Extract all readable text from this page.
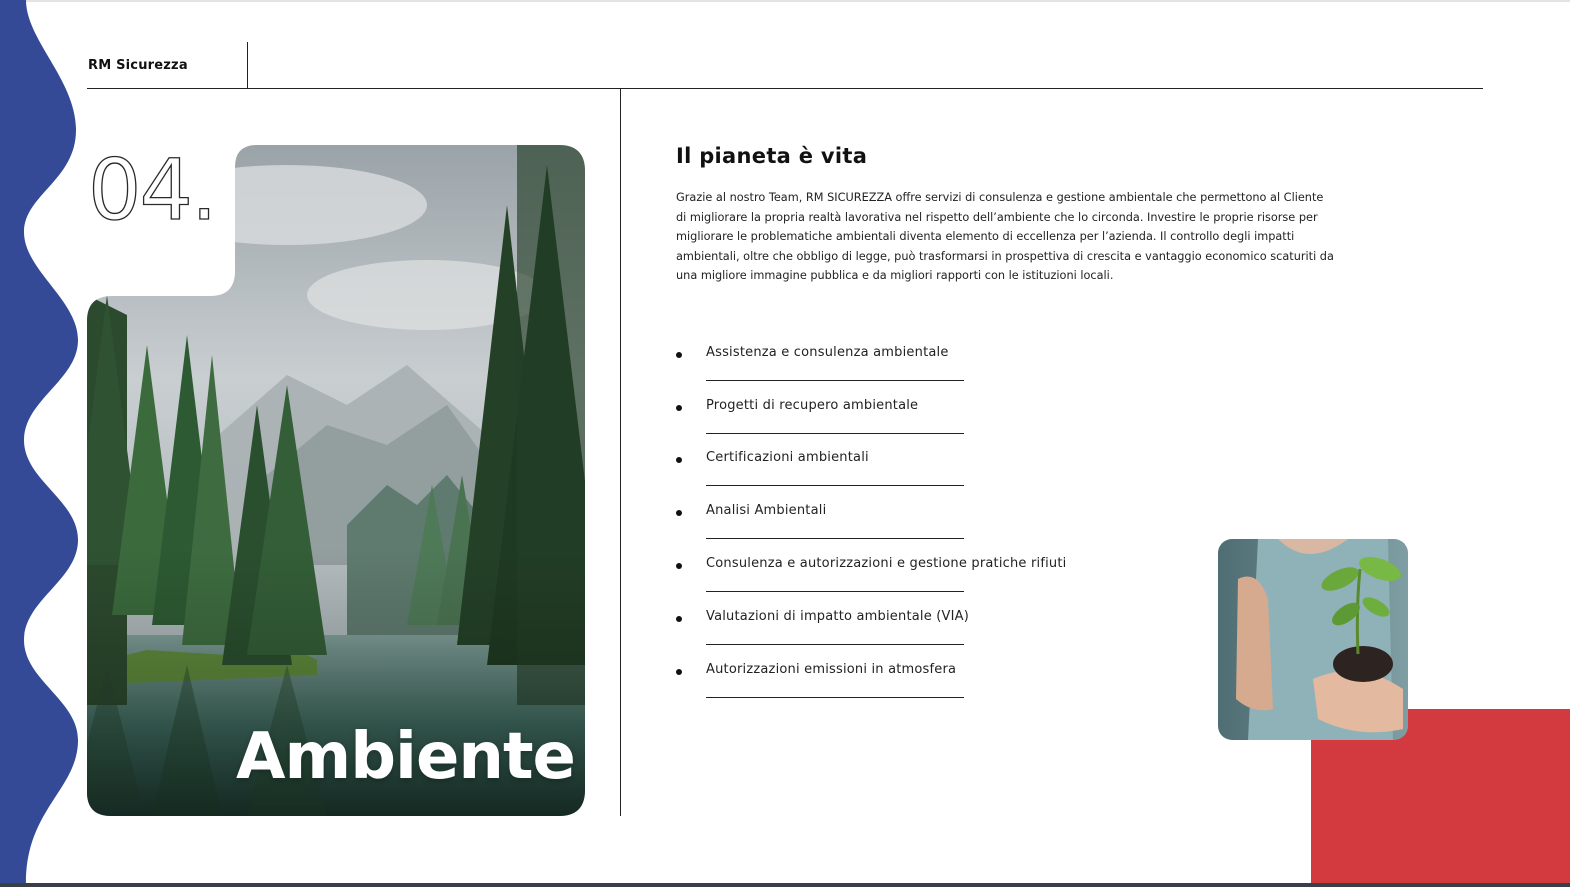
RM Sicurezza
04.
Ambiente
Il pianeta è vita
Grazie al nostro Team, RM SICUREZZA offre servizi di consulenza e gestione ambientale che permettono al Cliente di migliorare la propria realtà lavorativa nel rispetto dell’ambiente che lo circonda. Investire le proprie risorse per migliorare le problematiche ambientali diventa elemento di eccellenza per l’azienda. Il controllo degli impatti ambientali, oltre che obbligo di legge, può trasformarsi in prospettiva di crescita e vantaggio economico scaturiti da una migliore immagine pubblica e da migliori rapporti con le istituzioni locali.
Assistenza e consulenza ambientale
Progetti di recupero ambientale
Certificazioni ambientali
Analisi Ambientali
Consulenza e autorizzazioni e gestione pratiche rifiuti
Valutazioni di impatto ambientale (VIA)
Autorizzazioni emissioni in atmosfera
